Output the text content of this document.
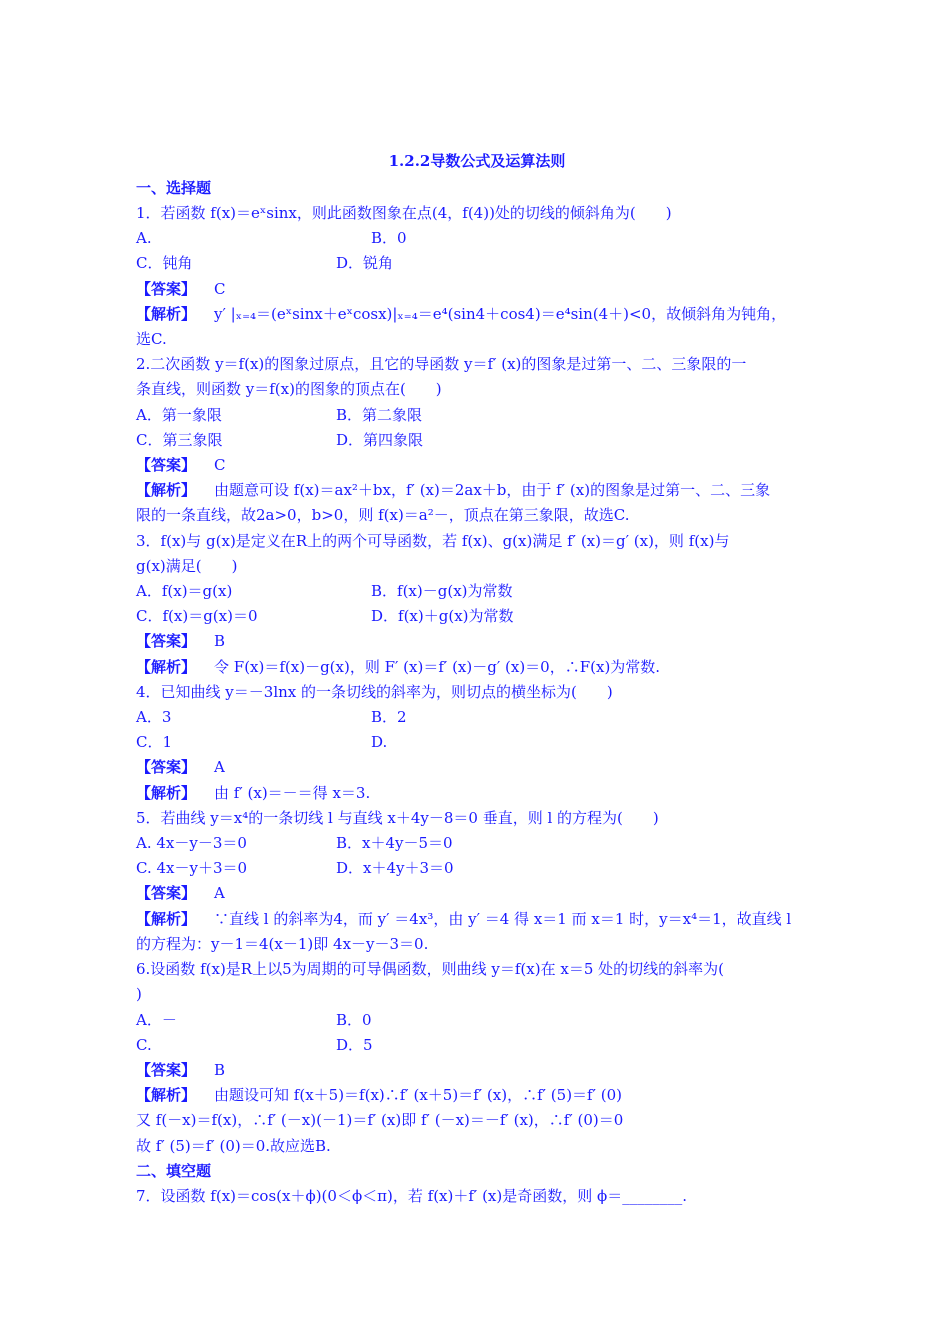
1.2.2导数公式及运算法则
一、选择题
1．若函数 f(x)＝eˣsinx，则此函数图象在点(4，f(4))处的切线的倾斜角为(　　)
A.	B．0
C．钝角	D．锐角
【答案】 C
【解析】 y′ |ₓ₌₄＝(eˣsinx＋eˣcosx)|ₓ₌₄＝e⁴(sin4＋cos4)＝e⁴sin(4＋)<0，故倾斜角为钝角，
选C.
2.二次函数 y＝f(x)的图象过原点，且它的导函数 y＝f′ (x)的图象是过第一、二、三象限的一
条直线，则函数 y＝f(x)的图象的顶点在(　　)
A．第一象限	B．第二象限
C．第三象限	D．第四象限
【答案】 C
【解析】 由题意可设 f(x)＝ax²＋bx，f′ (x)＝2ax＋b，由于 f′ (x)的图象是过第一、二、三象
限的一条直线，故2a>0，b>0，则 f(x)＝a²－，顶点在第三象限，故选C.
3．f(x)与 g(x)是定义在R上的两个可导函数，若 f(x)、g(x)满足 f′ (x)＝g′ (x)，则 f(x)与
g(x)满足(　　)
A．f(x)＝g(x)	B．f(x)－g(x)为常数
C．f(x)＝g(x)＝0	D．f(x)＋g(x)为常数
【答案】 B
【解析】 令 F(x)＝f(x)－g(x)，则 F′ (x)＝f′ (x)－g′ (x)＝0，∴F(x)为常数.
4．已知曲线 y＝－3lnx 的一条切线的斜率为，则切点的横坐标为(　　)
A．3	B．2
C．1	D.
【答案】 A
【解析】 由 f′ (x)＝－＝得 x＝3.
5．若曲线 y＝x⁴的一条切线 l 与直线 x＋4y－8＝0 垂直，则 l 的方程为(　　)
A. 4x－y－3＝0	B．x＋4y－5＝0
C. 4x－y＋3＝0	D．x＋4y＋3＝0
【答案】 A
【解析】 ∵直线 l 的斜率为4，而 y′ ＝4x³，由 y′ ＝4 得 x＝1 而 x＝1 时，y＝x⁴＝1，故直线 l
的方程为：y－1＝4(x－1)即 4x－y－3＝0.
6.设函数 f(x)是R上以5为周期的可导偶函数，则曲线 y＝f(x)在 x＝5 处的切线的斜率为(
)
A．－	B．0
C.	D．5
【答案】 B
【解析】 由题设可知 f(x＋5)＝f(x)∴f′ (x＋5)＝f′ (x)，∴f′ (5)＝f′ (0)
又 f(－x)＝f(x)，∴f′ (－x)(－1)＝f′ (x)即 f′ (－x)＝－f′ (x)，∴f′ (0)＝0
故 f′ (5)＝f′ (0)＝0.故应选B.
二、填空题
7．设函数 f(x)＝cos(x＋ϕ)(0＜ϕ＜π)，若 f(x)＋f′ (x)是奇函数，则 ϕ＝________.
